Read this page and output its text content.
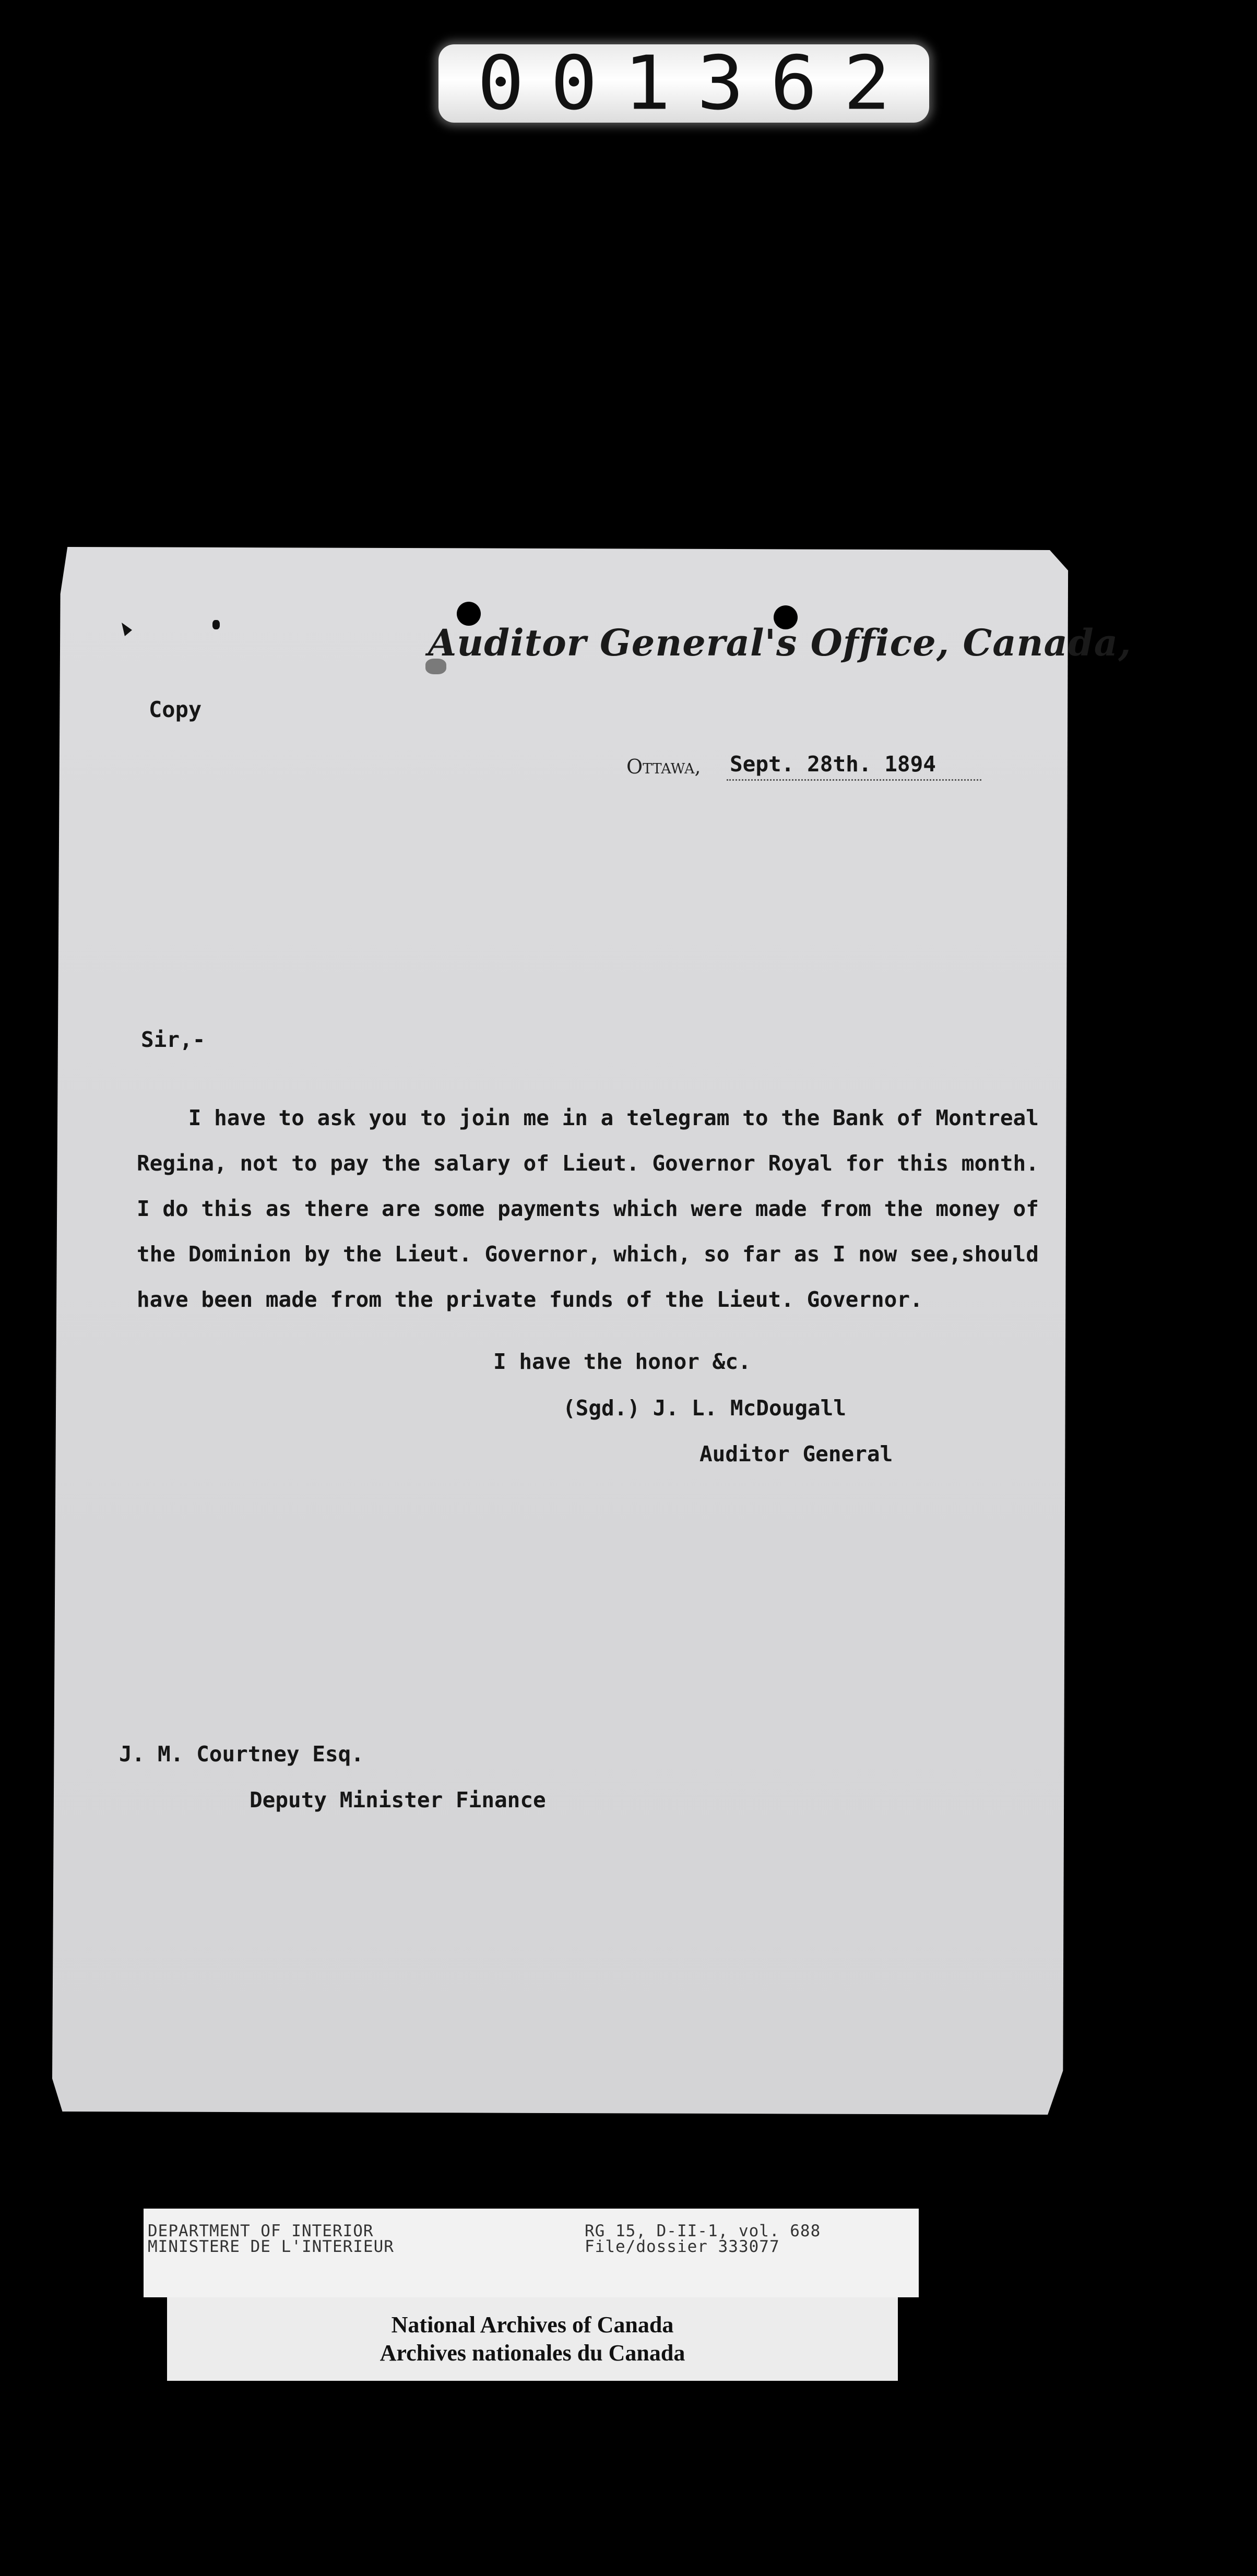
001362
Auditor General's Office, Canada,
Copy
Ottawa, Sept. 28th. 1894
Sir,-
I have to ask you to join me in a telegram to the Bank of Montreal
Regina, not to pay the salary of Lieut. Governor Royal for this month.
I do this as there are some payments which were made from the money of
the Dominion by the Lieut. Governor, which, so far as I now see,should
have been made from the private funds of the Lieut. Governor.
I have the honor &c.
(Sgd.) J. L. McDougall
Auditor General
J. M. Courtney Esq.
Deputy Minister Finance
DEPARTMENT OF INTERIOR
MINISTERE DE L'INTERIEUR
RG 15, D-II-1, vol. 688
File/dossier 333077
National Archives of Canada
Archives nationales du Canada
